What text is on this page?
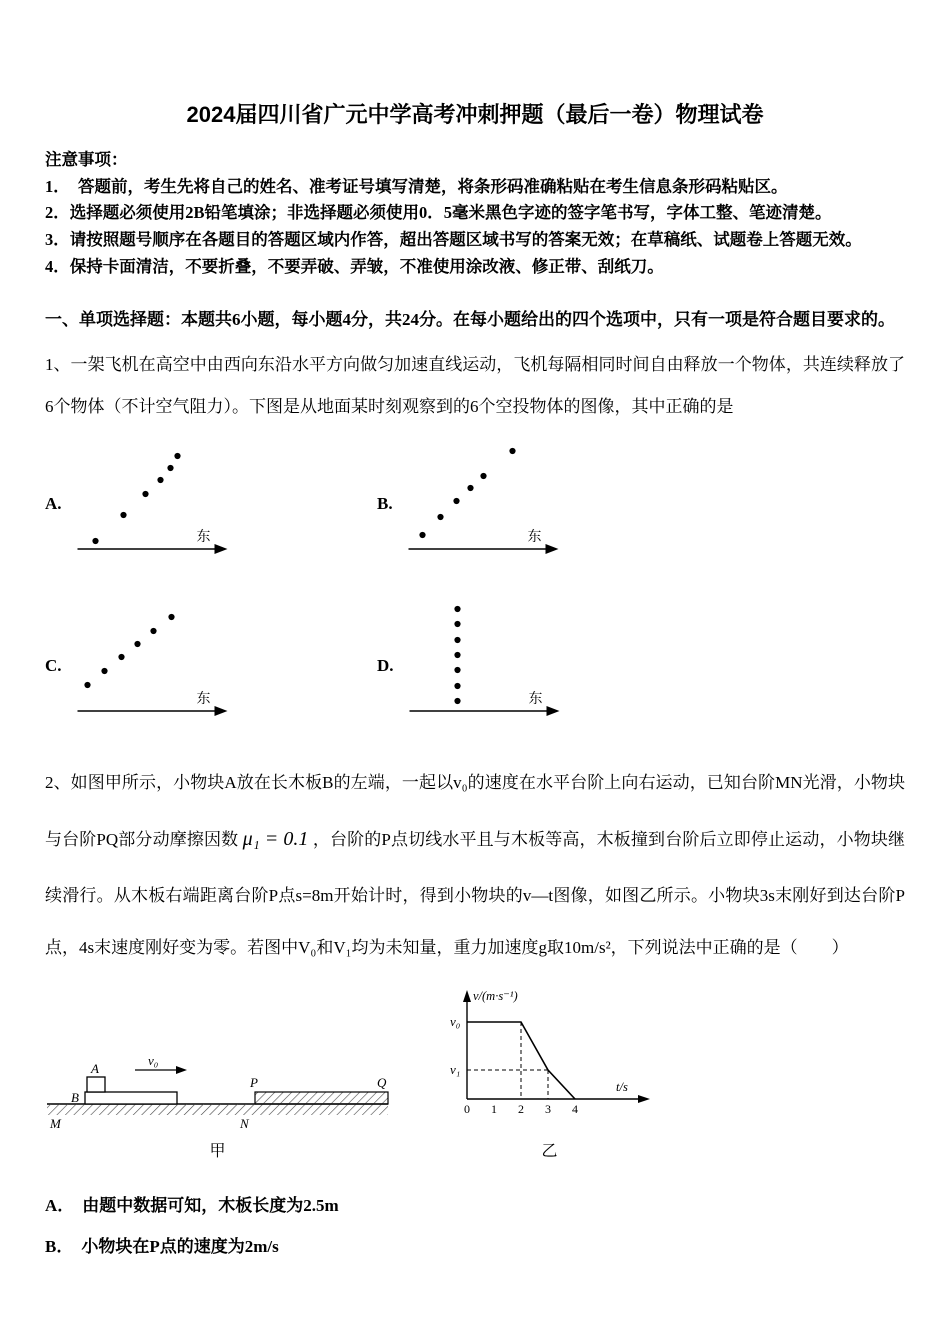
2024届四川省广元中学高考冲刺押题（最后一卷）物理试卷

注意事项：

1．　答题前，考生先将自己的姓名、准考证号填写清楚，将条形码准确粘贴在考生信息条形码粘贴区。

2．选择题必须使用2B铅笔填涂；非选择题必须使用0．5毫米黑色字迹的签字笔书写，字体工整、笔迹清楚。

3．请按照题号顺序在各题目的答题区域内作答，超出答题区域书写的答案无效；在草稿纸、试题卷上答题无效。

4．保持卡面清洁，不要折叠，不要弄破、弄皱，不准使用涂改液、修正带、刮纸刀。

一、单项选择题：本题共6小题，每小题4分，共24分。在每小题给出的四个选项中，只有一项是符合题目要求的。

1、一架飞机在高空中由西向东沿水平方向做匀加速直线运动，飞机每隔相同时间自由释放一个物体，共连续释放了6个物体（不计空气阻力）。下图是从地面某时刻观察到的6个空投物体的图像，其中正确的是

A.
东
B.
东
C.
东
D.
东

2、如图甲所示，小物块A放在长木板B的左端，一起以v₀的速度在水平台阶上向右运动，已知台阶MN光滑，小物块与台阶PQ部分动摩擦因数 μ₁ = 0.1 ，台阶的P点切线水平且与木板等高，木板撞到台阶后立即停止运动，小物块继续滑行。从木板右端距离台阶P点s=8m开始计时，得到小物块的v—t图像，如图乙所示。小物块3s末刚好到达台阶P点，4s末速度刚好变为零。若图中V₀和V₁均为未知量，重力加速度g取10m/s²，下列说法中正确的是（　　）

A
B
v₀
M	N
P	Q
甲
v/(m·s⁻¹)
t/s
v₀
v₁
0 1 2 3 4
乙

A． 由题中数据可知，木板长度为2.5m

B． 小物块在P点的速度为2m/s
